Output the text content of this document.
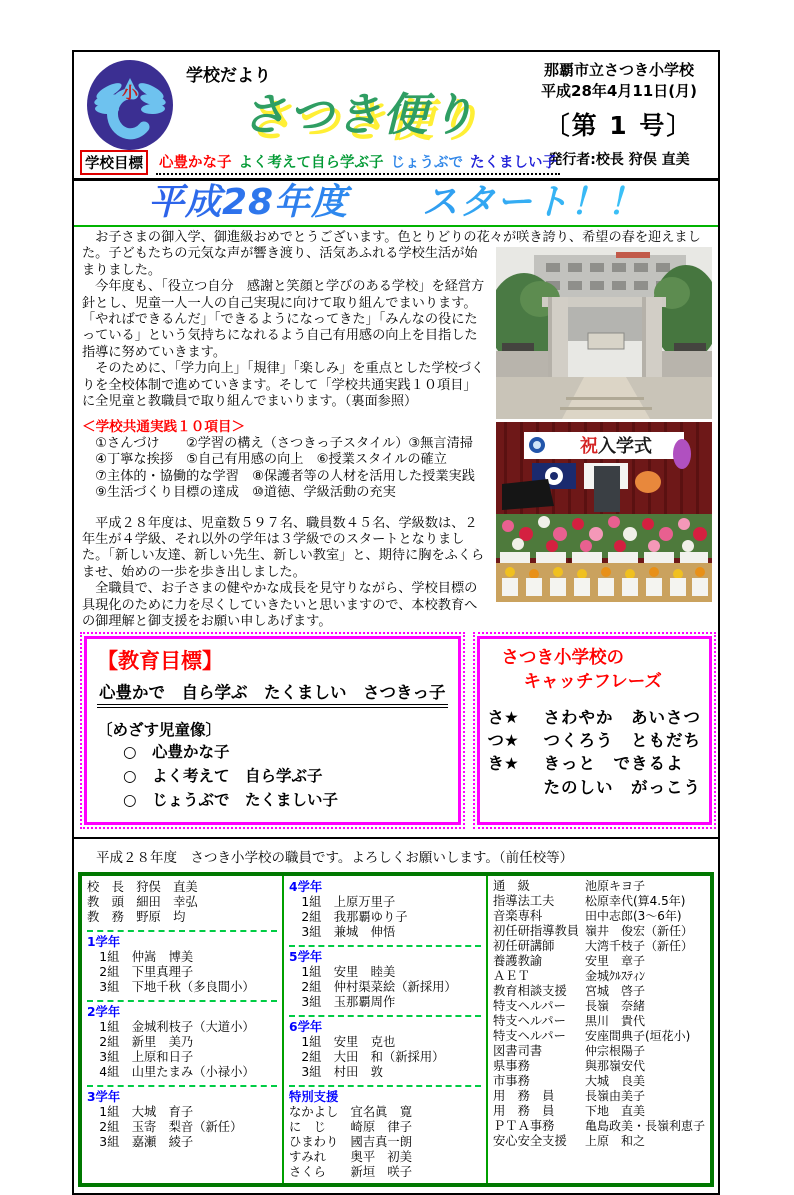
小
学校だより
さつき便り
那覇市立さつき小学校
平成28年4月11日(月)
〔第 1 号〕
発行者:校長 狩俣 直美
学校目標	心豊かな子 よく考えて自ら学ぶ子 じょうぶで たくましい子
平成28年度　　スタート！！
祝入学式
　お子さまの御入学、御進級おめでとうございます。色とりどりの花々が咲き誇り、希望の春を迎えました。子どもたちの元気な声が響き渡り、活気あふれる学校生活が始まりました。
　今年度も、「役立つ自分　感謝と笑顔と学びのある学校」を経営方針とし、児童一人一人の自己実現に向けて取り組んでまいります。「やればできるんだ」「できるようになってきた」「みんなの役にたっている」という気持ちになれるよう自己有用感の向上を目指した指導に努めていきます。
　そのために、「学力向上」「規律」「楽しみ」を重点とした学校づくりを全校体制で進めていきます。そして「学校共通実践１０項目」に全児童と教職員で取り組んでまいります。（裏面参照）
＜学校共通実践１０項目＞
　①さんづけ　　②学習の構え（さつきっ子スタイル）③無言清掃
　④丁寧な挨拶　⑤自己有用感の向上　⑥授業スタイルの確立
　⑦主体的・協働的な学習　⑧保護者等の人材を活用した授業実践
　⑨生活づくり目標の達成　⑩道徳、学級活動の充実
　平成２８年度は、児童数５９７名、職員数４５名、学級数は、２年生が４学級、それ以外の学年は３学級でのスタートとなりました。「新しい友達、新しい先生、新しい教室」と、期待に胸をふくらませ、始めの一歩を歩き出しました。
　全職員で、お子さまの健やかな成長を見守りながら、学校目標の具現化のために力を尽くしていきたいと思いますので、本校教育への御理解と御支援をお願い申しあげます。
【教育目標】
心豊かで　自ら学ぶ　たくましい　さつきっ子
〔めざす児童像〕
○　心豊かな子
○　よく考えて　自ら学ぶ子
○　じょうぶで　たくましい子
さつき小学校の
キャッチフレーズ
さ★	さわやか　あいさつ
つ★	つくろう　ともだち
き★	きっと　できるよ
たのしい　がっこう
平成２８年度　さつき小学校の職員です。よろしくお願いします。（前任校等）
校　長　狩俣　直美
教　頭　細田　幸弘
教　務　野原　均
1学年
　1組　仲嵩　博美
　2組　下里真理子
　3組　下地千秋（多良間小）
2学年
　1組　金城利枝子（大道小）
　2組　新里　美乃
　3組　上原和日子
　4組　山里たまみ（小禄小）
3学年
　1組　大城　育子
　2組　玉寄　梨音（新任）
　3組　嘉瀬　綾子
4学年
　1組　上原万里子
　2組　我那覇ゆり子
　3組　兼城　伸悟
5学年
　1組　安里　睦美
　2組　仲村渠菜絵（新採用）
　3組　玉那覇周作
6学年
　1組　安里　克也
　2組　大田　和（新採用）
　3組　村田　敦
特別支援
なかよし　宜名眞　寛
に　じ　　崎原　律子
ひまわり　國吉真一朗
すみれ　　奥平　初美
さくら　　新垣　咲子
通　級	池原キヨ子
指導法工夫	松原幸代(算4.5年)
音楽専科	田中志郎(3～6年)
初任研指導教員 嶺井　俊宏（新任）
初任研講師	大湾千枝子（新任）
養護教諭	安里　章子
ＡＥＴ	金城ｸﾙｽﾃｨﾝ
教育相談支援	宮城　啓子
特支ヘルパー	長嶺　奈緒
特支ヘルパー	黒川　貴代
特支ヘルパー	安座間典子(垣花小)
図書司書	仲宗根陽子
県事務	與那嶺安代
市事務	大城　良美
用　務　員	長嶺由美子
用　務　員	下地　直美
ＰＴＡ事務	亀島政美・長嶺利恵子
安心安全支援	上原　和之
